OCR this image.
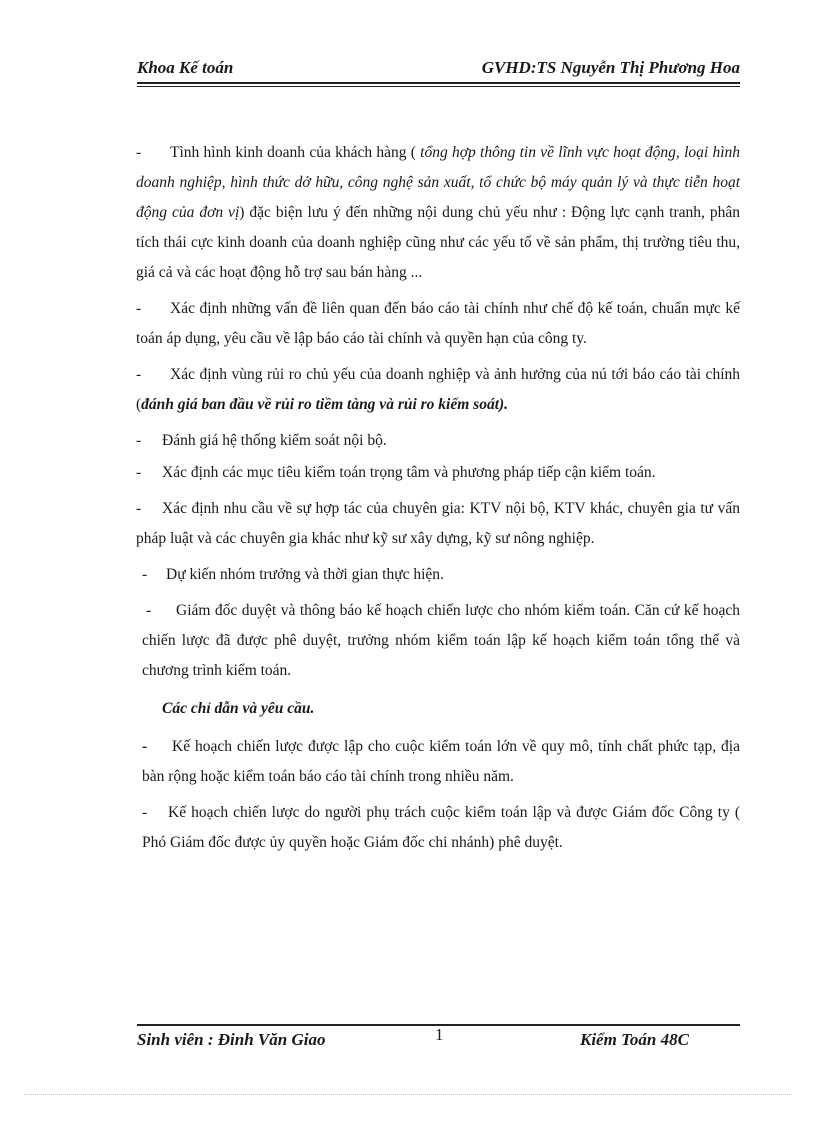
Khoa Kế toán	GVHD:TS Nguyễn Thị Phương Hoa

- Tình hình kinh doanh của khách hàng ( tổng hợp thông tin về lĩnh vực hoạt động, loại hình doanh nghiệp, hình thức dở hữu, công nghệ sản xuất, tổ chức bộ máy quản lý và thực tiễn hoạt động của đơn vị) đặc biện lưu ý đến những nội dung chủ yếu như : Động lực cạnh tranh, phân tích thái cực kinh doanh của doanh nghiệp cũng như các yếu tố về sản phẩm, thị trường tiêu thu, giá cả và các hoạt động hỗ trợ sau bán hàng ...

- Xác định những vấn đề liên quan đến báo cáo tài chính như chế độ kế toán, chuẩn mực kế toán áp dụng, yêu cầu về lập báo cáo tài chính và quyền hạn của công ty.

- Xác định vùng rủi ro chủ yếu của doanh nghiệp và ảnh hưởng của nú tới báo cáo tài chính (đánh giá ban đầu về rủi ro tiềm tàng và rủi ro kiểm soát).

- Đánh giá hệ thống kiểm soát nội bộ.

- Xác định các mục tiêu kiểm toán trọng tâm và phương pháp tiếp cận kiểm toán.

- Xác định nhu cầu về sự hợp tác của chuyên gia: KTV nội bộ, KTV khác, chuyên gia tư vấn pháp luật và các chuyên gia khác như kỹ sư xây dựng, kỹ sư nông nghiệp.

- Dự kiến nhóm trưởng và thời gian thực hiện.

- Giám đốc duyệt và thông báo kế hoạch chiến lược cho nhóm kiểm toán. Căn cứ kế hoạch chiến lược đã được phê duyệt, trưởng nhóm kiểm toán lập kế hoạch kiểm toán tổng thể và chương trình kiểm toán.

Các chỉ dẫn và yêu cầu.

- Kế hoạch chiến lược được lập cho cuộc kiểm toán lớn về quy mô, tính chất phức tạp, địa bàn rộng hoặc kiểm toán báo cáo tài chính trong nhiều năm.

- Kế hoạch chiến lược do người phụ trách cuộc kiểm toán lập và được Giám đốc Công ty ( Phó Giám đốc được ủy quyền hoặc Giám đốc chi nhánh) phê duyệt.

Sinh viên : Đinh Văn Giao	1	Kiểm Toán 48C
